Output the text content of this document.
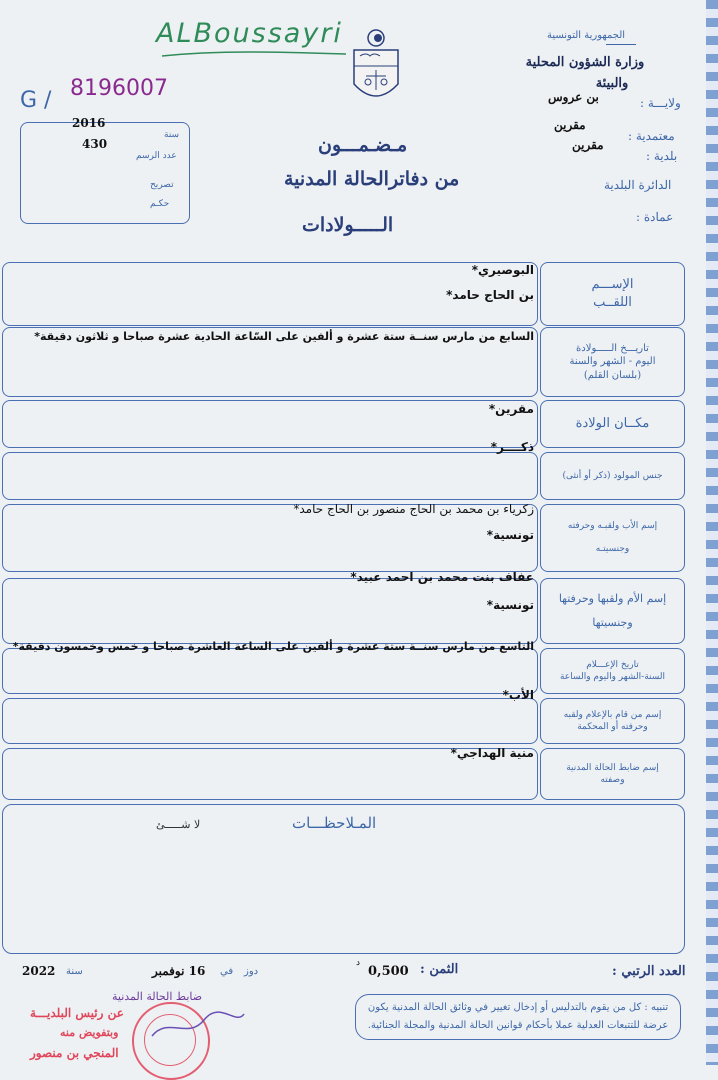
ALBoussayri	الجمهورية التونسية
وزارة الشؤون المحلية
والبيئة
ولايـــة :
بن عروس
معتمدية :
مقرين
بلدية :
مقرين
الدائرة البلدية
عمادة :
G / 8196007
2016
430
سنة
عدد الرسم
تصريح
حكـم
مـضـمـــون
من دفاترالحالة المدنية
الـــــولادات
الإســـم
اللقــب
البوصيري*
بن الحاج حامد*
تاريـــخ الـــــولادة
اليوم - الشهر والسنة
(بلسان القلم)
السابع من مارس سنــة ستة عشرة و ألفين على السّاعة الحادية عشرة صباحا و ثلاثون دقيقة*
مكــان الولادة
مقرين*
جنس المولود (ذكر أو أنثى)
ذكــــر*
إسم الأب ولقبـه وحرفته
وجنسيتـه
زكرياء بن محمد بن الحاج منصور بن الحاج حامد*
تونسية*
إسم الأم ولقبها وحرفتها
وجنسيتها
عفاف بنت محمد بن احمد عبيد*
تونسية*
تاريخ الإعـــلام
السنة-الشهر واليوم والساعة
التاسع من مارس سنــة ستة عشرة و ألفين على الساعة العاشرة صباحا و خمس وخمسون دقيقة*
إسم من قام بالإعلام ولقبه
وحرفته أو المحكمة
الأب*
إسم ضابط الحالة المدنية
وصفته
منية الهداجي*
المـلاحظـــات
لا شـــــئ
العدد الرتبي :
الثمن :
0,500
د
دوز
في
16 نوفمبر
سنة
2022
تنبيه : كل من يقوم بالتدليس أو إدخال تغيير في وثائق الحالة المدنية يكون عرضة للتتبعات العدلية عملا بأحكام قوانين الحالة المدنية والمجلة الجنائية.
ضابط الحالة المدنية
عن رئيس البلديـــة
وبتفويض منه
المنجي بن منصور
